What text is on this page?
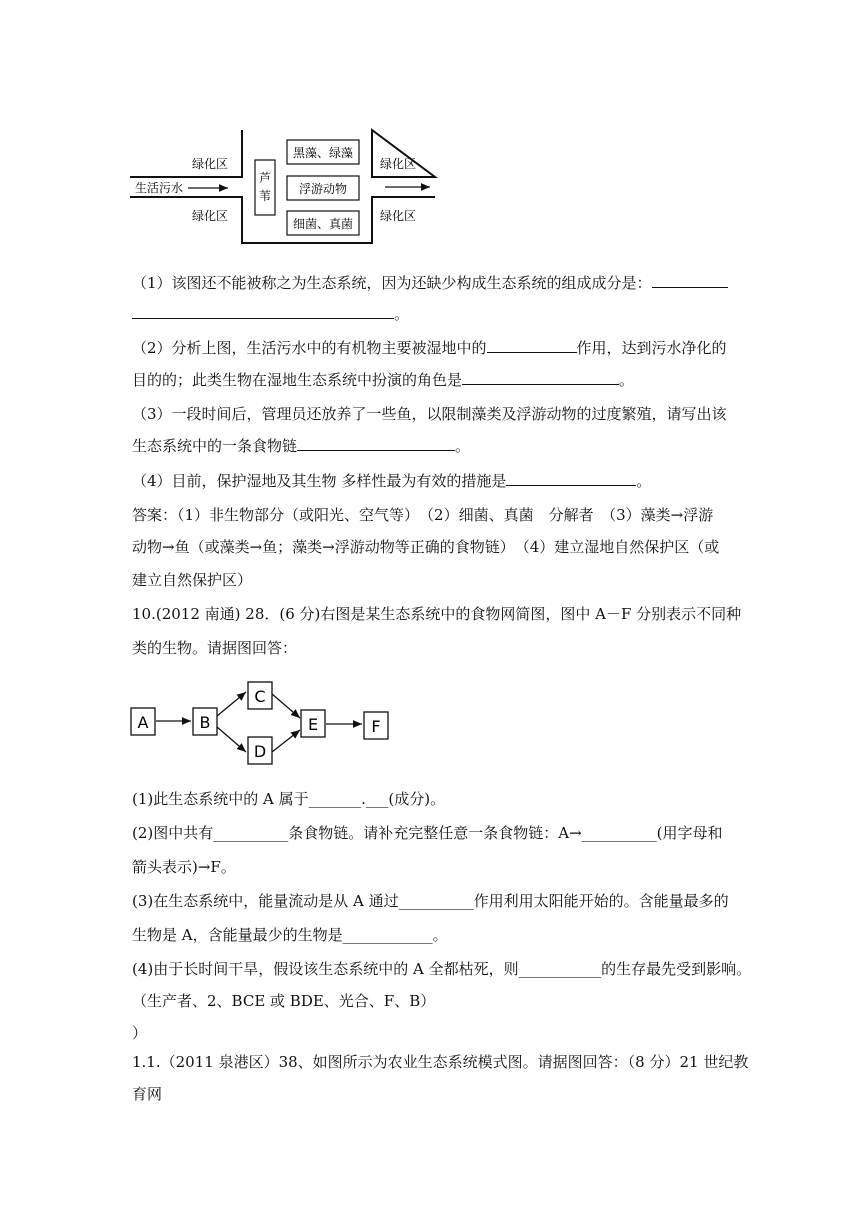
芦
苇
黑藻、绿藻
浮游动物
细菌、真菌
绿化区
绿化区
绿化区
绿化区
生活污水
（1）该图还不能被称之为生态系统，因为还缺少构成生态系统的组成成分是：
。
（2）分析上图，生活污水中的有机物主要被湿地中的	作用，达到污水净化的
目的的；此类生物在湿地生态系统中扮演的角色是	。
（3）一段时间后，管理员还放养了一些鱼，以限制藻类及浮游动物的过度繁殖，请写出该
生态系统中的一条食物链	。
（4）目前，保护湿地及其生物 多样性最为有效的措施是	。
答案：（1）非生物部分（或阳光、空气等）　（2）细菌、真菌　分解者　（3）藻类→浮游
动物→鱼（或藻类→鱼；藻类→浮游动物等正确的食物链）　（4）建立湿地自然保护区（或
建立自然保护区）
10.(2012 南通) 28．(6 分)右图是某生态系统中的食物网简图，图中 A－F 分别表示不同种
类的生物。请据图回答：
A	B
C
D
E	F
(1)此生态系统中的 A 属于_______.___(成分)。
(2)图中共有__________条食物链。请补充完整任意一条食物链：A→__________(用字母和
箭头表示)→F。
(3)在生态系统中，能量流动是从 A 通过__________作用利用太阳能开始的。含能量最多的
生物是 A，含能量最少的生物是____________。
(4)由于长时间干旱，假设该生态系统中的 A 全都枯死，则___________的生存最先受到影响。
（生产者、2、BCE 或 BDE、光合、F、B）
）
1.1.（2011 泉港区）38、如图所示为农业生态系统模式图。请据图回答：（8 分）21 世纪教
育网
